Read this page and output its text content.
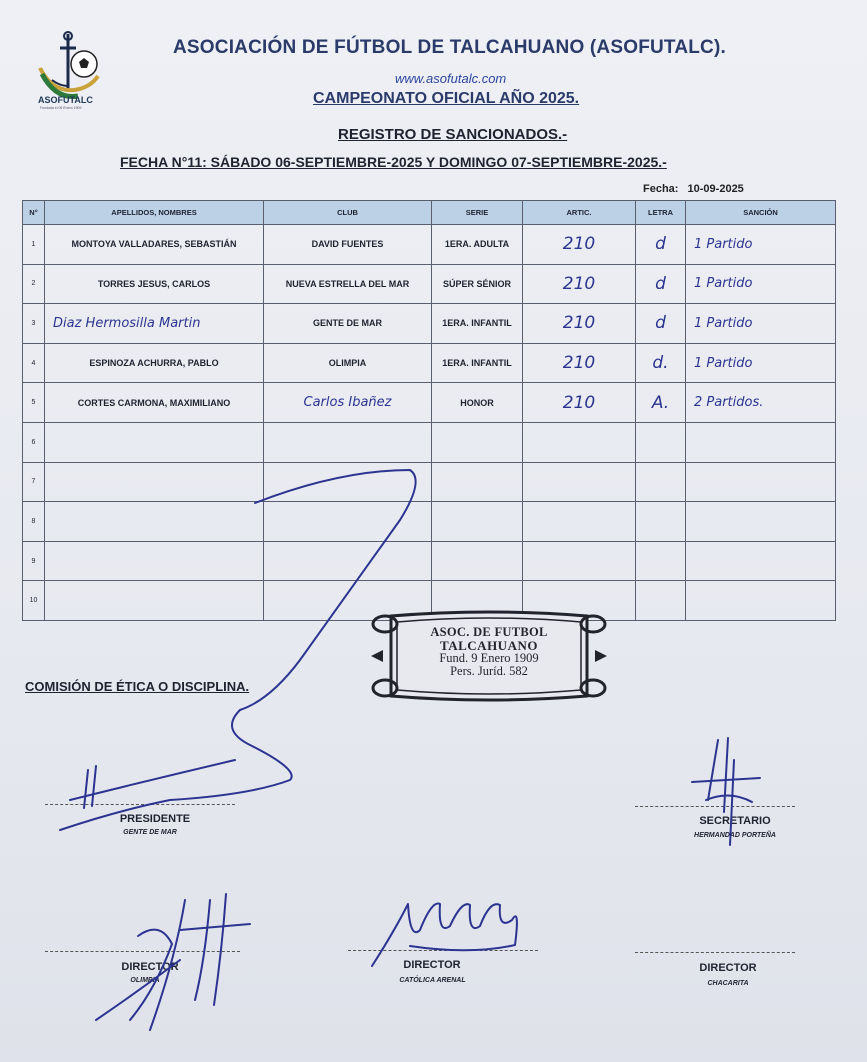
ASOFUTALC
Fundada el 09 Enero 1909
ASOCIACIÓN DE FÚTBOL DE TALCAHUANO (ASOFUTALC).
www.asofutalc.com
CAMPEONATO OFICIAL AÑO 2025.
REGISTRO DE SANCIONADOS.-
FECHA N°11: SÁBADO 06-SEPTIEMBRE-2025 Y DOMINGO 07-SEPTIEMBRE-2025.-
Fecha: 10-09-2025
N°	APELLIDOS, NOMBRES	CLUB	SERIE	ARTIC.	LETRA	SANCIÓN
1	MONTOYA VALLADARES, SEBASTIÁN	DAVID FUENTES	1ERA. ADULTA	210	d	1 Partido
2	TORRES JESUS, CARLOS	NUEVA ESTRELLA DEL MAR	SÚPER SÉNIOR	210	d	1 Partido
3	Diaz Hermosilla Martin	GENTE DE MAR	1ERA. INFANTIL	210	d	1 Partido
4	ESPINOZA ACHURRA, PABLO	OLIMPIA	1ERA. INFANTIL	210	d.	1 Partido
5	CORTES CARMONA, MAXIMILIANO	Carlos Ibañez	HONOR	210	A.	2 Partidos.
6						
7						
8						
9						
10						
ASOC. DE FUTBOL
TALCAHUANO
Fund. 9 Enero 1909
Pers. Juríd. 582
COMISIÓN DE ÉTICA O DISCIPLINA.
PRESIDENTE
GENTE DE MAR
SECRETARIO
HERMANDAD PORTEÑA
DIRECTOR
OLIMPIA
DIRECTOR
CATÓLICA ARENAL
DIRECTOR
CHACARITA
